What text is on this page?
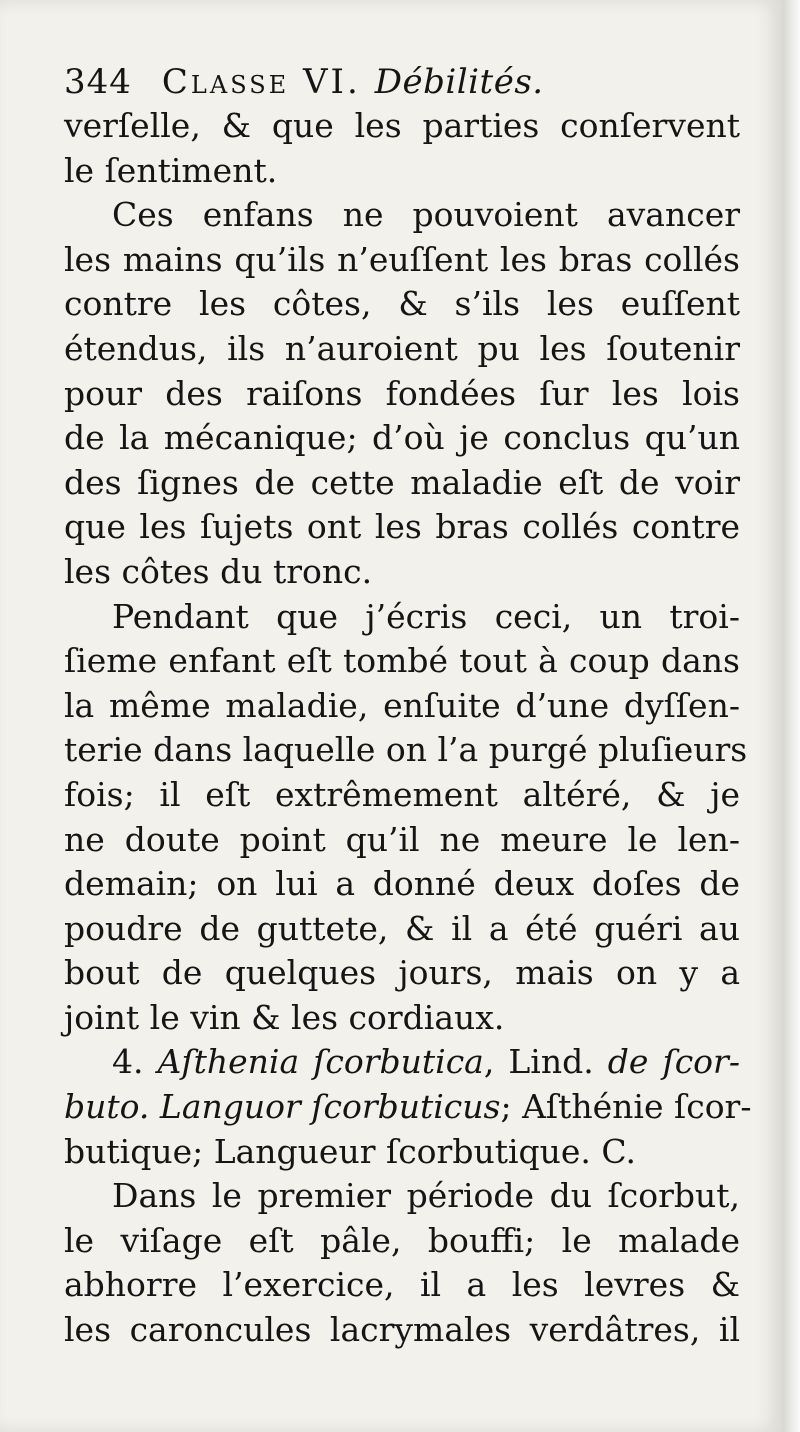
344 Classe VI. Débilités.
verſelle, & que les parties conſervent
le ſentiment.
Ces enfans ne pouvoient avancer
les mains qu’ils n’euſſent les bras collés
contre les côtes, & s’ils les euſſent
étendus, ils n’auroient pu les ſoutenir
pour des raiſons fondées ſur les lois
de la mécanique; d’où je conclus qu’un
des ſignes de cette maladie eſt de voir
que les ſujets ont les bras collés contre
les côtes du tronc.
Pendant que j’écris ceci, un troi-
ſieme enfant eſt tombé tout à coup dans
la même maladie, enſuite d’une dyſſen-
terie dans laquelle on l’a purgé pluſieurs
fois; il eſt extrêmement altéré, & je
ne doute point qu’il ne meure le len-
demain; on lui a donné deux doſes de
poudre de guttete, & il a été guéri au
bout de quelques jours, mais on y a
joint le vin & les cordiaux.
4. Aſthenia ſcorbutica, Lind. de ſcor-
buto. Languor ſcorbuticus; Aſthénie ſcor-
butique; Langueur ſcorbutique. C.
Dans le premier période du ſcorbut,
le viſage eſt pâle, bouffi; le malade
abhorre l’exercice, il a les levres &
les caroncules lacrymales verdâtres, il
